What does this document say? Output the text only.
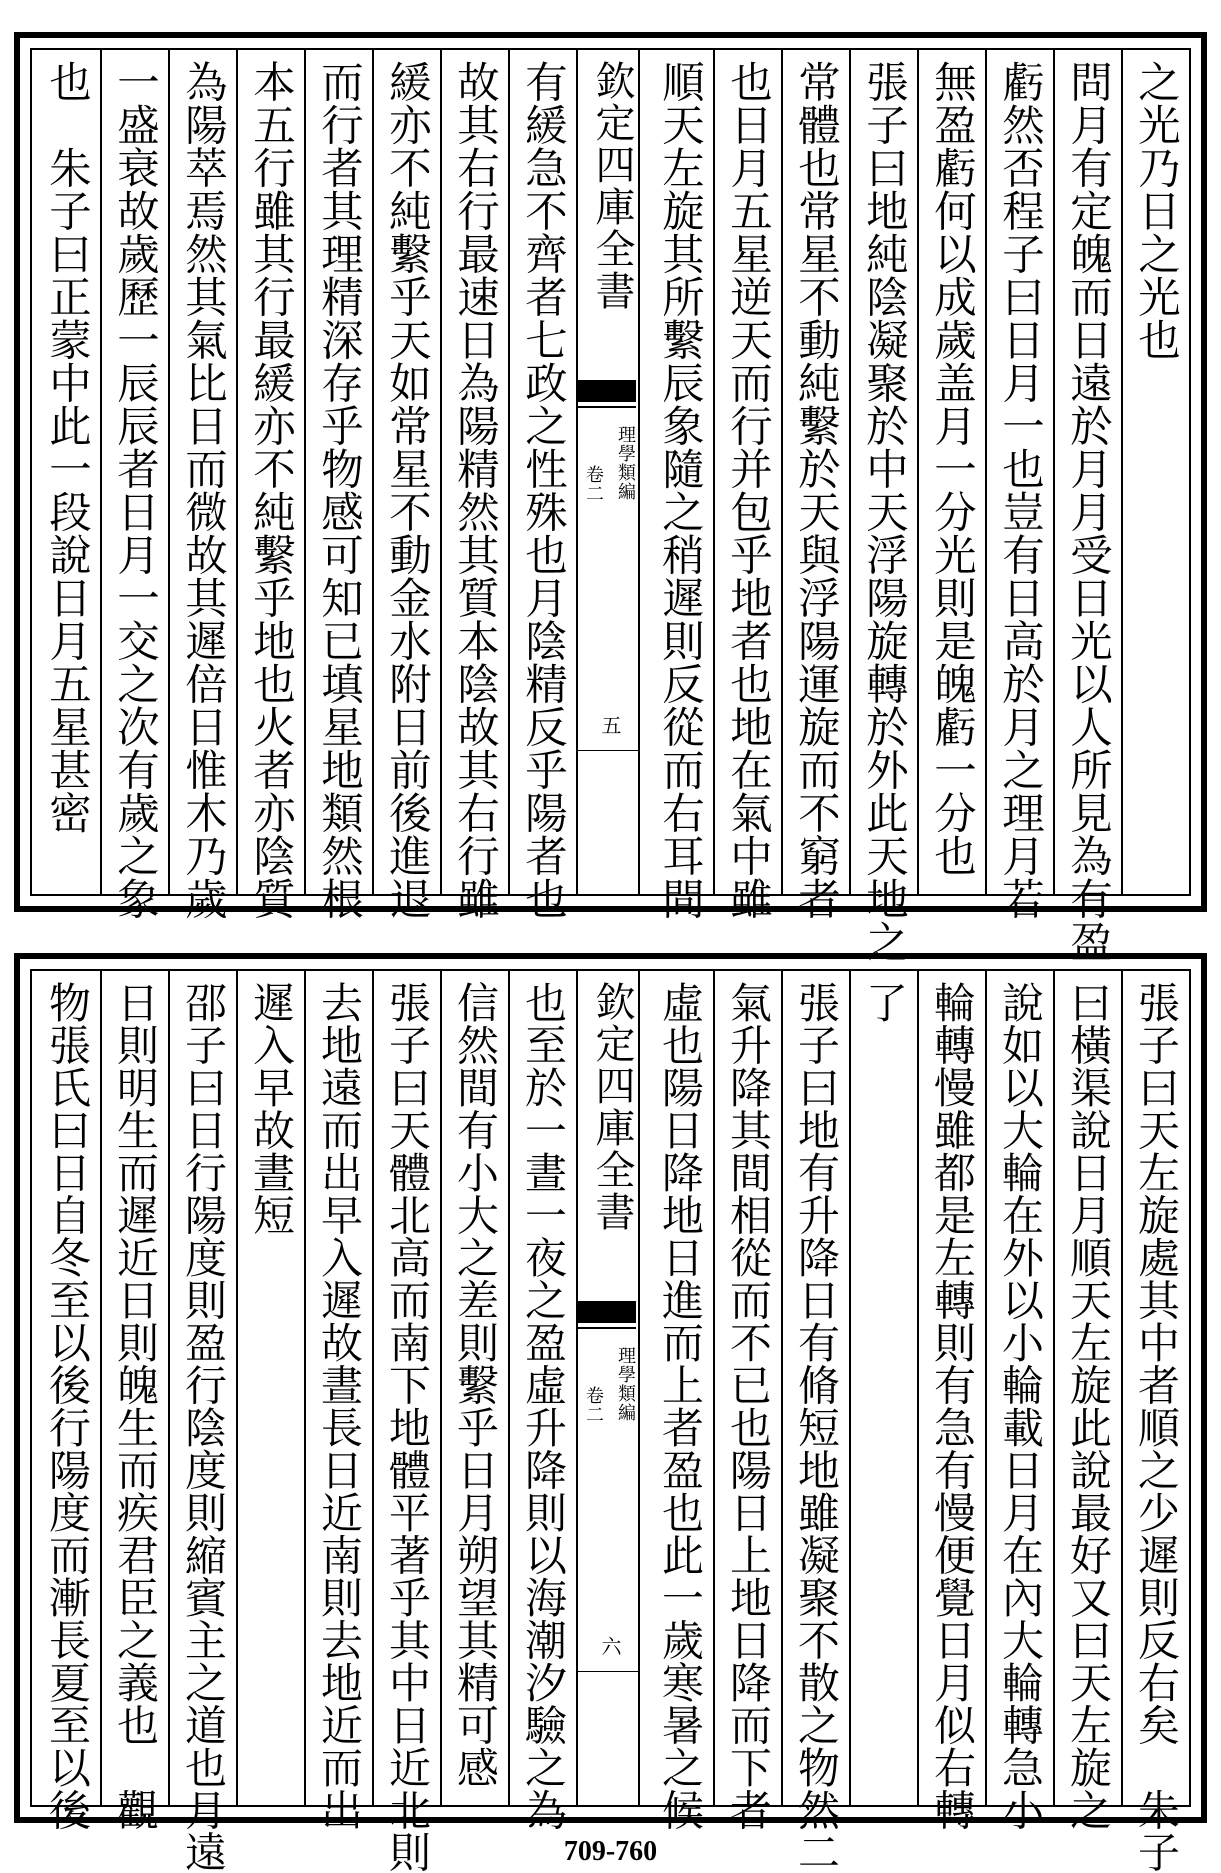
之光乃日之光也
問月有定魄而日遠於月月受日光以人所見為有盈
虧然否程子曰日月一也豈有日高於月之理月若
無盈虧何以成歲盖月一分光則是魄虧一分也
張子曰地純陰凝聚於中天浮陽旋轉於外此天地之
常體也常星不動純繫於天與浮陽運旋而不窮者
也日月五星逆天而行并包乎地者也地在氣中雖
順天左旋其所繫辰象隨之稍遲則反從而右耳間
欽定四庫全書
理學類編
卷二
五
有緩急不齊者七政之性殊也月陰精反乎陽者也
故其右行最速日為陽精然其質本陰故其右行雖
緩亦不純繫乎天如常星不動金水附日前後進退
而行者其理精深存乎物感可知已填星地類然根
本五行雖其行最緩亦不純繫乎地也火者亦陰質
為陽萃焉然其氣比日而微故其遲倍日惟木乃歲
一盛衰故歲歷一辰辰者日月一交之次有歲之象
也　朱子曰正蒙中此一段說日月五星甚密
張子曰天左旋處其中者順之少遲則反右矣　朱子
曰橫渠說日月順天左旋此說最好又曰天左旋之
說如以大輪在外以小輪載日月在內大輪轉急小
輪轉慢雖都是左轉則有急有慢便覺日月似右轉
了
張子曰地有升降日有脩短地雖凝聚不散之物然二
氣升降其間相從而不已也陽日上地日降而下者
虛也陽日降地日進而上者盈也此一歲寒暑之候
欽定四庫全書
理學類編
卷二
六
也至於一晝一夜之盈虛升降則以海潮汐驗之為
信然間有小大之差則繫乎日月朔望其精可感
張子曰天體北高而南下地體平著乎其中日近北則
去地遠而出早入遲故晝長日近南則去地近而出
遲入早故晝短
邵子曰日行陽度則盈行陰度則縮賓主之道也月遠
日則明生而遲近日則魄生而疾君臣之義也　觀
物張氏曰日自冬至以後行陽度而漸長夏至以後
709-760
